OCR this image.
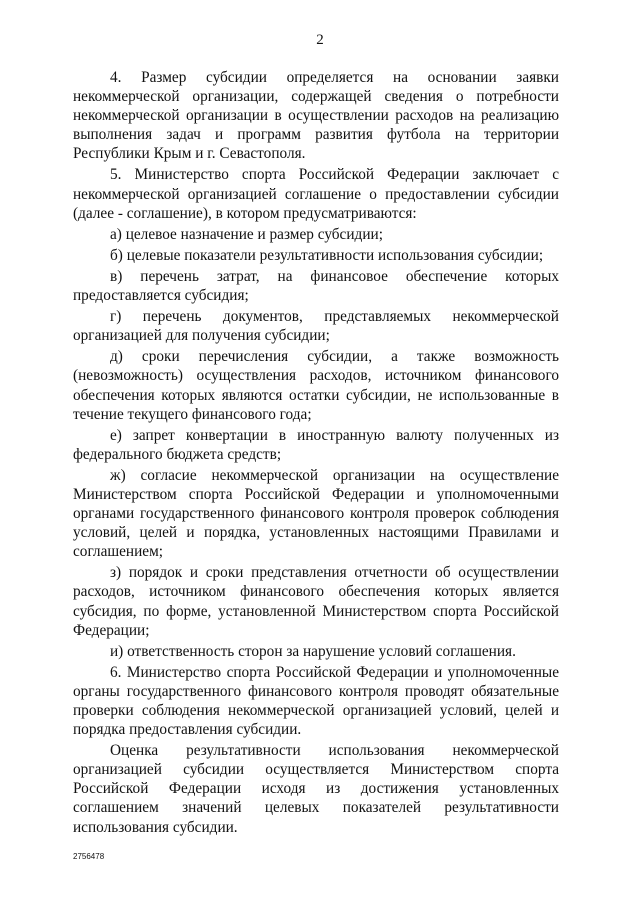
2

4. Размер субсидии определяется на основании заявки некоммерческой организации, содержащей сведения о потребности некоммерческой организации в осуществлении расходов на реализацию выполнения задач и программ развития футбола на территории Республики Крым и г. Севастополя.

5. Министерство спорта Российской Федерации заключает с некоммерческой организацией соглашение о предоставлении субсидии (далее - соглашение), в котором предусматриваются:

а) целевое назначение и размер субсидии;

б) целевые показатели результативности использования субсидии;

в) перечень затрат, на финансовое обеспечение которых предоставляется субсидия;

г) перечень документов, представляемых некоммерческой организацией для получения субсидии;

д) сроки перечисления субсидии, а также возможность (невозможность) осуществления расходов, источником финансового обеспечения которых являются остатки субсидии, не использованные в течение текущего финансового года;

е) запрет конвертации в иностранную валюту полученных из федерального бюджета средств;

ж) согласие некоммерческой организации на осуществление Министерством спорта Российской Федерации и уполномоченными органами государственного финансового контроля проверок соблюдения условий, целей и порядка, установленных настоящими Правилами и соглашением;

з) порядок и сроки представления отчетности об осуществлении расходов, источником финансового обеспечения которых является субсидия, по форме, установленной Министерством спорта Российской Федерации;

и) ответственность сторон за нарушение условий соглашения.

6. Министерство спорта Российской Федерации и уполномоченные органы государственного финансового контроля проводят обязательные проверки соблюдения некоммерческой организацией условий, целей и порядка предоставления субсидии.

Оценка результативности использования некоммерческой организацией субсидии осуществляется Министерством спорта Российской Федерации исходя из достижения установленных соглашением значений целевых показателей результативности использования субсидии.

2756478
